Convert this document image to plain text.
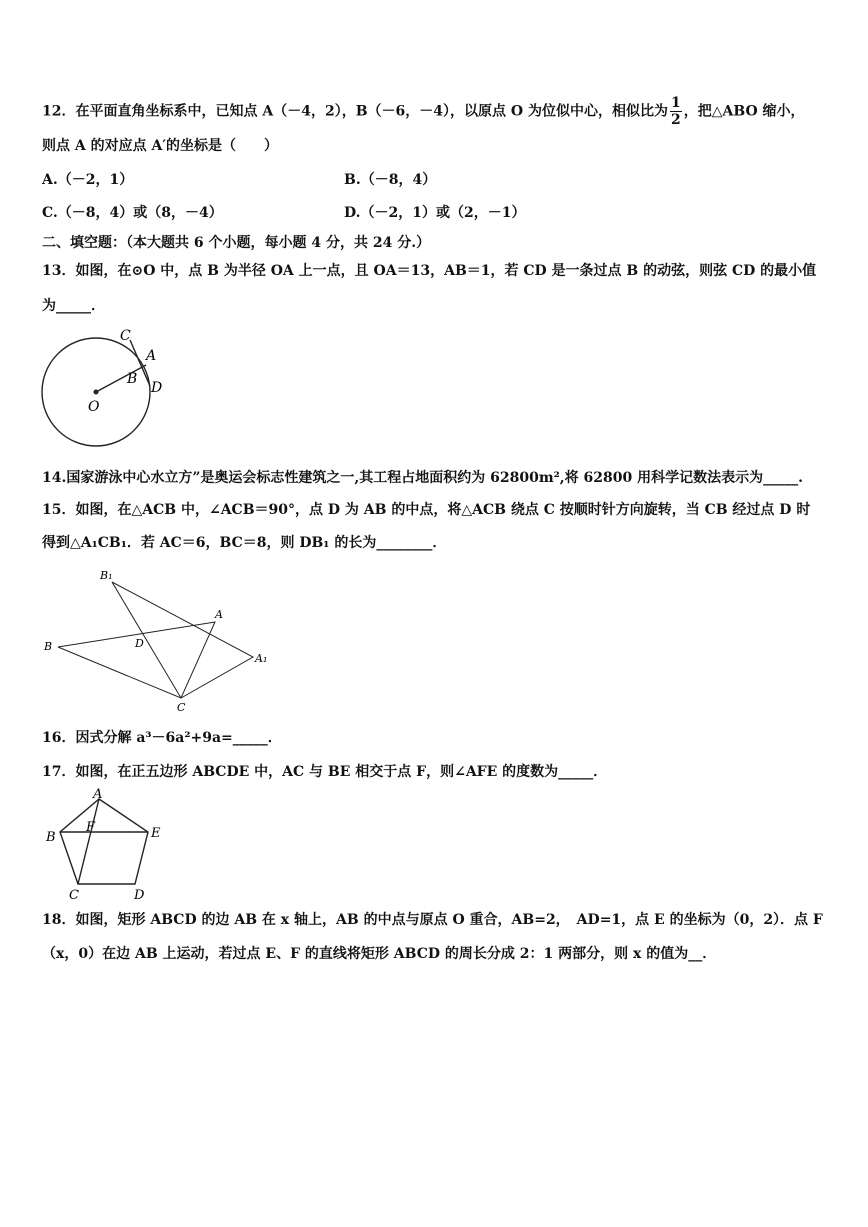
12．在平面直角坐标系中，已知点 A（－4，2），B（－6，－4），以原点 O 为位似中心，相似比为 $\frac{1}{2}$ ，把△ABO 缩小，
则点 A 的对应点 A′的坐标是（　　）
A.（－2，1）	B.（－8，4）
C.（－8，4）或（8，－4）	D.（－2，1）或（2，－1）
二、填空题：（本大题共 6 个小题，每小题 4 分，共 24 分.）
13．如图，在⊙O 中，点 B 为半径 OA 上一点，且 OA＝13，AB＝1，若 CD 是一条过点 B 的动弦，则弦 CD 的最小值
为_____．
C
A
B
D
O
14.国家游泳中心水立方”是奥运会标志性建筑之一,其工程占地面积约为 62800m²,将 62800 用科学记数法表示为_____.
15．如图，在△ACB 中，∠ACB＝90°，点 D 为 AB 的中点，将△ACB 绕点 C 按顺时针方向旋转，当 CB 经过点 D 时
得到△A₁CB₁．若 AC＝6，BC＝8，则 DB₁ 的长为________．
B₁
A
B	D
A₁
C
16．因式分解 a³－6a²+9a=_____．
17．如图，在正五边形 ABCDE 中，AC 与 BE 相交于点 F，则∠AFE 的度数为_____．
A
B
F	E
C	D
18．如图，矩形 ABCD 的边 AB 在 x 轴上，AB 的中点与原点 O 重合，AB=2，　AD=1，点 E 的坐标为（0，2）．点 F
（x，0）在边 AB 上运动，若过点 E、F 的直线将矩形 ABCD 的周长分成 2：1 两部分，则 x 的值为__．
